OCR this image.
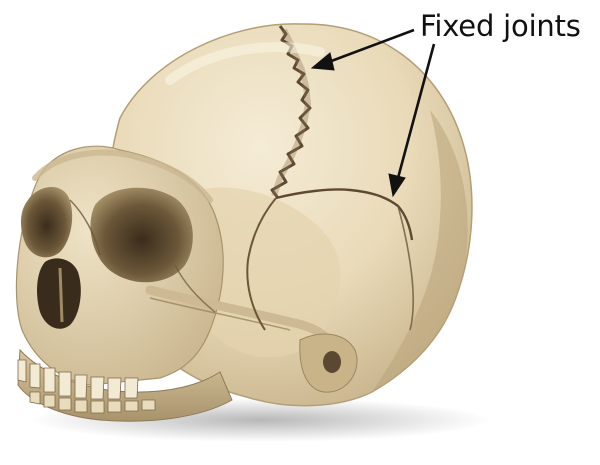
Fixed joints
